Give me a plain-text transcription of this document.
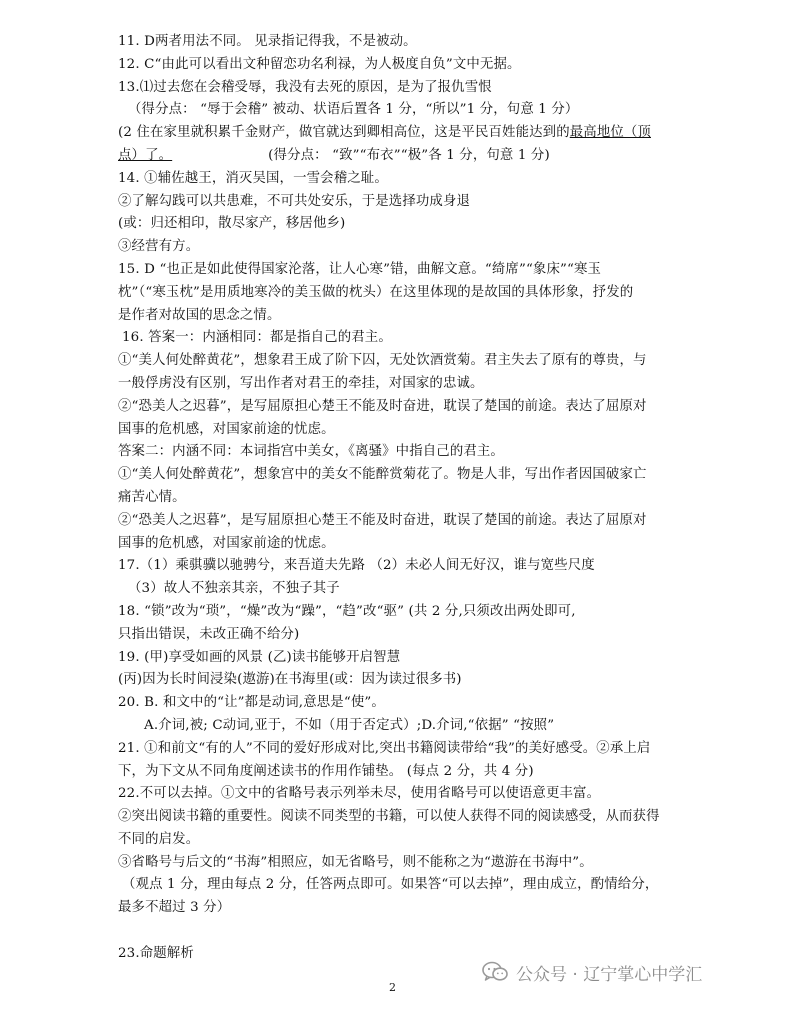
11. D两者用法不同。 见录指记得我，不是被动。
12. C“由此可以看出文种留恋功名利禄，为人极度自负”文中无据。
13.⑴过去您在会稽受辱，我没有去死的原因，是为了报仇雪恨
（得分点： “辱于会稽” 被动、状语后置各 1 分，“所以”1 分，句意 1 分）
(2 住在家里就积累千金财产，做官就达到卿相高位，这是平民百姓能达到的最高地位（顶
点）了。	(得分点： “致”“布衣”“极”各 1 分，句意 1 分)
14. ①辅佐越王，消灭吴国，一雪会稽之耻。
②了解勾践可以共患难，不可共处安乐，于是选择功成身退
(或：归还相印，散尽家产，移居他乡)
③经营有方。
15. D “也正是如此使得国家沦落，让人心寒”错，曲解文意。“绮席”“象床”“寒玉
枕”（“寒玉枕”是用质地寒冷的美玉做的枕头）在这里体现的是故国的具体形象，抒发的
是作者对故国的思念之情。
16. 答案一：内涵相同：都是指自己的君主。
①“美人何处醉黄花”，想象君王成了阶下囚，无处饮酒赏菊。君主失去了原有的尊贵，与
一般俘虏没有区别，写出作者对君王的牵挂，对国家的忠诚。
②“恐美人之迟暮”，是写屈原担心楚王不能及时奋进，耽误了楚国的前途。表达了屈原对
国事的危机感，对国家前途的忧虑。
答案二：内涵不同：本词指宫中美女，《离骚》中指自己的君主。
①“美人何处醉黄花”，想象宫中的美女不能醉赏菊花了。物是人非，写出作者因国破家亡
痛苦心情。
②“恐美人之迟暮”，是写屈原担心楚王不能及时奋进，耽误了楚国的前途。表达了屈原对
国事的危机感，对国家前途的忧虑。
17.（1）乘骐骥以驰骋兮，来吾道夫先路 （2）未必人间无好汉，谁与宽些尺度
（3）故人不独亲其亲，不独子其子
18. “锁”改为“琐”，“燥”改为“躁”，“趋”改“驱” (共 2 分,只须改出两处即可,
只指出错误，未改正确不给分)
19. (甲)享受如画的风景 (乙)读书能够开启智慧
(丙)因为长时间浸染(遨游)在书海里(或：因为读过很多书)
20. B. 和文中的“让”都是动词,意思是“使”。
A.介词,被; C动词,亚于，不如（用于否定式）;D.介词,“依据” “按照”
21. ①和前文“有的人”不同的爱好形成对比,突出书籍阅读带给“我”的美好感受。②承上启
下，为下文从不同角度阐述读书的作用作铺垫。 (每点 2 分，共 4 分)
22.不可以去掉。①文中的省略号表示列举未尽，使用省略号可以使语意更丰富。
②突出阅读书籍的重要性。阅读不同类型的书籍，可以使人获得不同的阅读感受，从而获得
不同的启发。
③省略号与后文的“书海”相照应，如无省略号，则不能称之为“遨游在书海中”。
（观点 1 分，理由每点 2 分，任答两点即可。如果答“可以去掉”，理由成立，酌情给分，
最多不超过 3 分）
23.命题解析
2
公众号 · 辽宁掌心中学汇
